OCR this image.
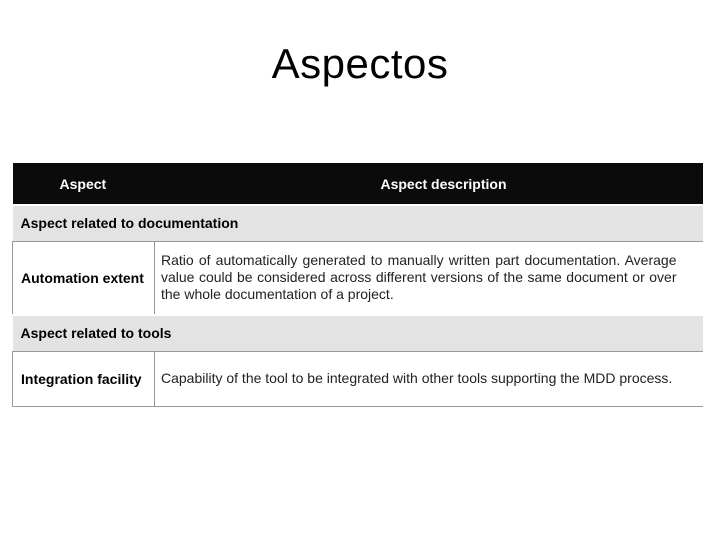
Aspectos
Aspect	Aspect description
Aspect related to documentation	
Automation extent	Ratio of automatically generated to manually written part documentation. Average value could be considered across different versions of the same document or over the whole documentation of a project.
Aspect related to tools	
Integration facility	Capability of the tool to be integrated with other tools supporting the MDD process.
